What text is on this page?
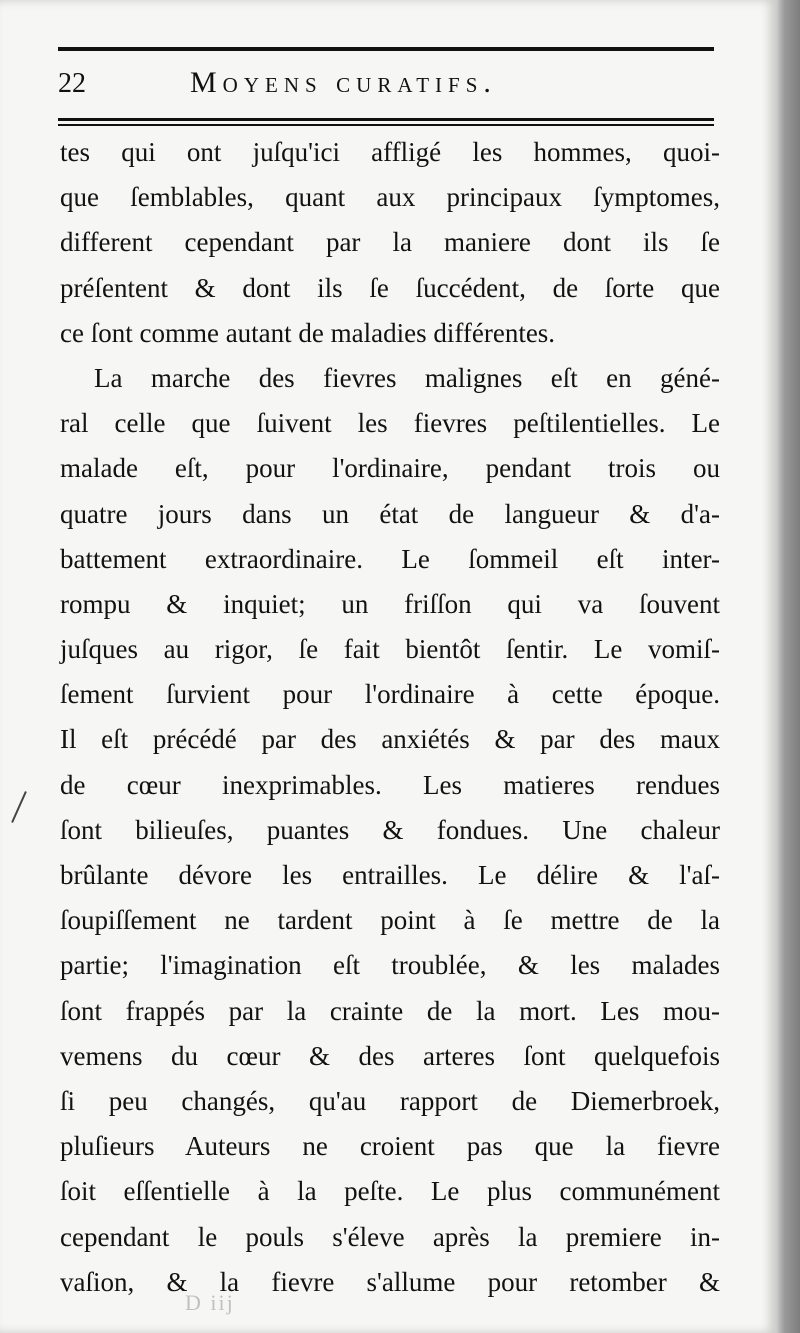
22	Moyens curatifs.
tes qui ont juſqu'ici affligé les hommes, quoi-
que ſemblables, quant aux principaux ſymptomes,
different cependant par la maniere dont ils ſe
préſentent & dont ils ſe ſuccédent, de ſorte que
ce ſont comme autant de maladies différentes.
La marche des fievres malignes eſt en géné-
ral celle que ſuivent les fievres peſtilentielles. Le
malade eſt, pour l'ordinaire, pendant trois ou
quatre jours dans un état de langueur & d'a-
battement extraordinaire. Le ſommeil eſt inter-
rompu & inquiet; un friſſon qui va ſouvent
juſques au rigor, ſe fait bientôt ſentir. Le vomiſ-
ſement ſurvient pour l'ordinaire à cette époque.
Il eſt précédé par des anxiétés & par des maux
de cœur inexprimables. Les matieres rendues
ſont bilieuſes, puantes & fondues. Une chaleur
brûlante dévore les entrailles. Le délire & l'aſ-
ſoupiſſement ne tardent point à ſe mettre de la
partie; l'imagination eſt troublée, & les malades
ſont frappés par la crainte de la mort. Les mou-
vemens du cœur & des arteres ſont quelquefois
ſi peu changés, qu'au rapport de Diemerbroek,
pluſieurs Auteurs ne croient pas que la fievre
ſoit eſſentielle à la peſte. Le plus communément
cependant le pouls s'éleve après la premiere in-
vaſion, & la fievre s'allume pour retomber &
D iij
